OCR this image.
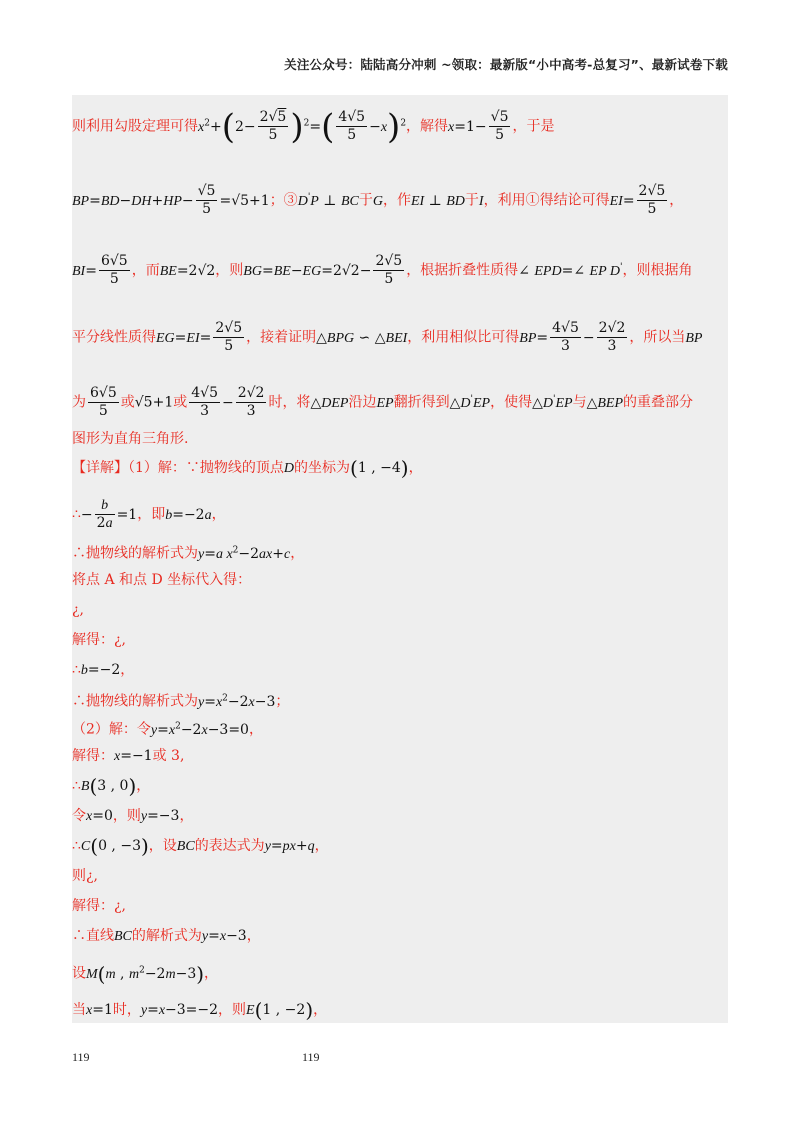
关注公众号：陆陆高分冲刺 ~领取：最新版“小中高考-总复习”、最新试卷下载
则利用勾股定理可得$x^2+(2- \frac{2√5}{5} )^2=( \frac{4√5}{5} -x)^2$，解得$x=1- \frac{√5}{5}$ ，于是
$BP=BD-DH+HP- \frac{√5}{5} =√5+1$；③D'P ⊥ BC于G，作EI ⊥ BD于I，利用①得结论可得$EI= \frac{2√5}{5}$ ，
$BI= \frac{6√5}{5}$ ，而BE=2√2，则$BG=BE-EG=2√2- \frac{2√5}{5}$ ，根据折叠性质得∠ EPD=∠ EP D'，则根据角
平分线性质得$EG=EI= \frac{2√5}{5}$ ，接着证明△BPG ∽ △BEI，利用相似比可得$BP= \frac{4√5}{3} - \frac{2√2}{3}$ ，所以当BP
为 $\frac{6√5}{5}$ 或√5+1或 $\frac{4√5}{3} - \frac{2√2}{3}$ 时，将△DEP沿边EP翻折得到△D'EP，使得△D'EP与△BEP的重叠部分
图形为直角三角形.
【详解】（1）解：∵抛物线的顶点D的坐标为(1 , −4)，
∴− $\frac{b}{2a} =1$，即b=−2a，
∴抛物线的解析式为y=a $x^2-2ax+c$，
将点 A 和点 D 坐标代入得：
¿,
解得：¿,
∴b=−2，
∴抛物线的解析式为$y=x^2-2x-3$；
（2）解：令$y=x^2-2x-3=0$，
解得：x=−1或 3,
∴B(3 , 0)，
令x=0，则y=−3，
∴C(0 , −3)，设BC的表达式为y=px+q，
则¿,
解得：¿,
∴直线BC的解析式为y=x−3，
设M(m , $m^2-2m-3$)，
当x=1时，y=x−3=−2，则E(1 , −2)，
119	119
